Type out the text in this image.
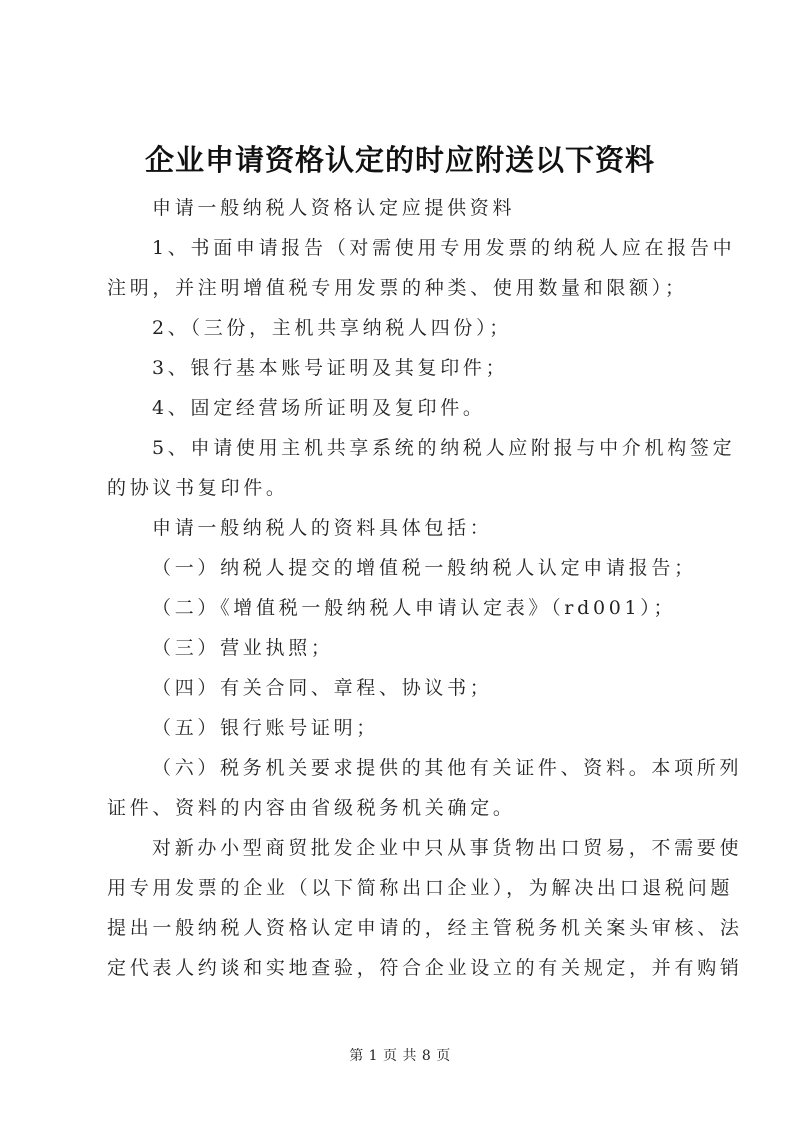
企业申请资格认定的时应附送以下资料
申请一般纳税人资格认定应提供资料
1、书面申请报告（对需使用专用发票的纳税人应在报告中
注明，并注明增值税专用发票的种类、使用数量和限额）；
2、（三份，主机共享纳税人四份）；
3、银行基本账号证明及其复印件；
4、固定经营场所证明及复印件。
5、申请使用主机共享系统的纳税人应附报与中介机构签定
的协议书复印件。
申请一般纳税人的资料具体包括：
（一）纳税人提交的增值税一般纳税人认定申请报告；
（二）《增值税一般纳税人申请认定表》（rd001）；
（三）营业执照；
（四）有关合同、章程、协议书；
（五）银行账号证明；
（六）税务机关要求提供的其他有关证件、资料。本项所列
证件、资料的内容由省级税务机关确定。
对新办小型商贸批发企业中只从事货物出口贸易，不需要使
用专用发票的企业（以下简称出口企业），为解决出口退税问题
提出一般纳税人资格认定申请的，经主管税务机关案头审核、法
定代表人约谈和实地查验，符合企业设立的有关规定，并有购销
第 1 页 共 8 页
